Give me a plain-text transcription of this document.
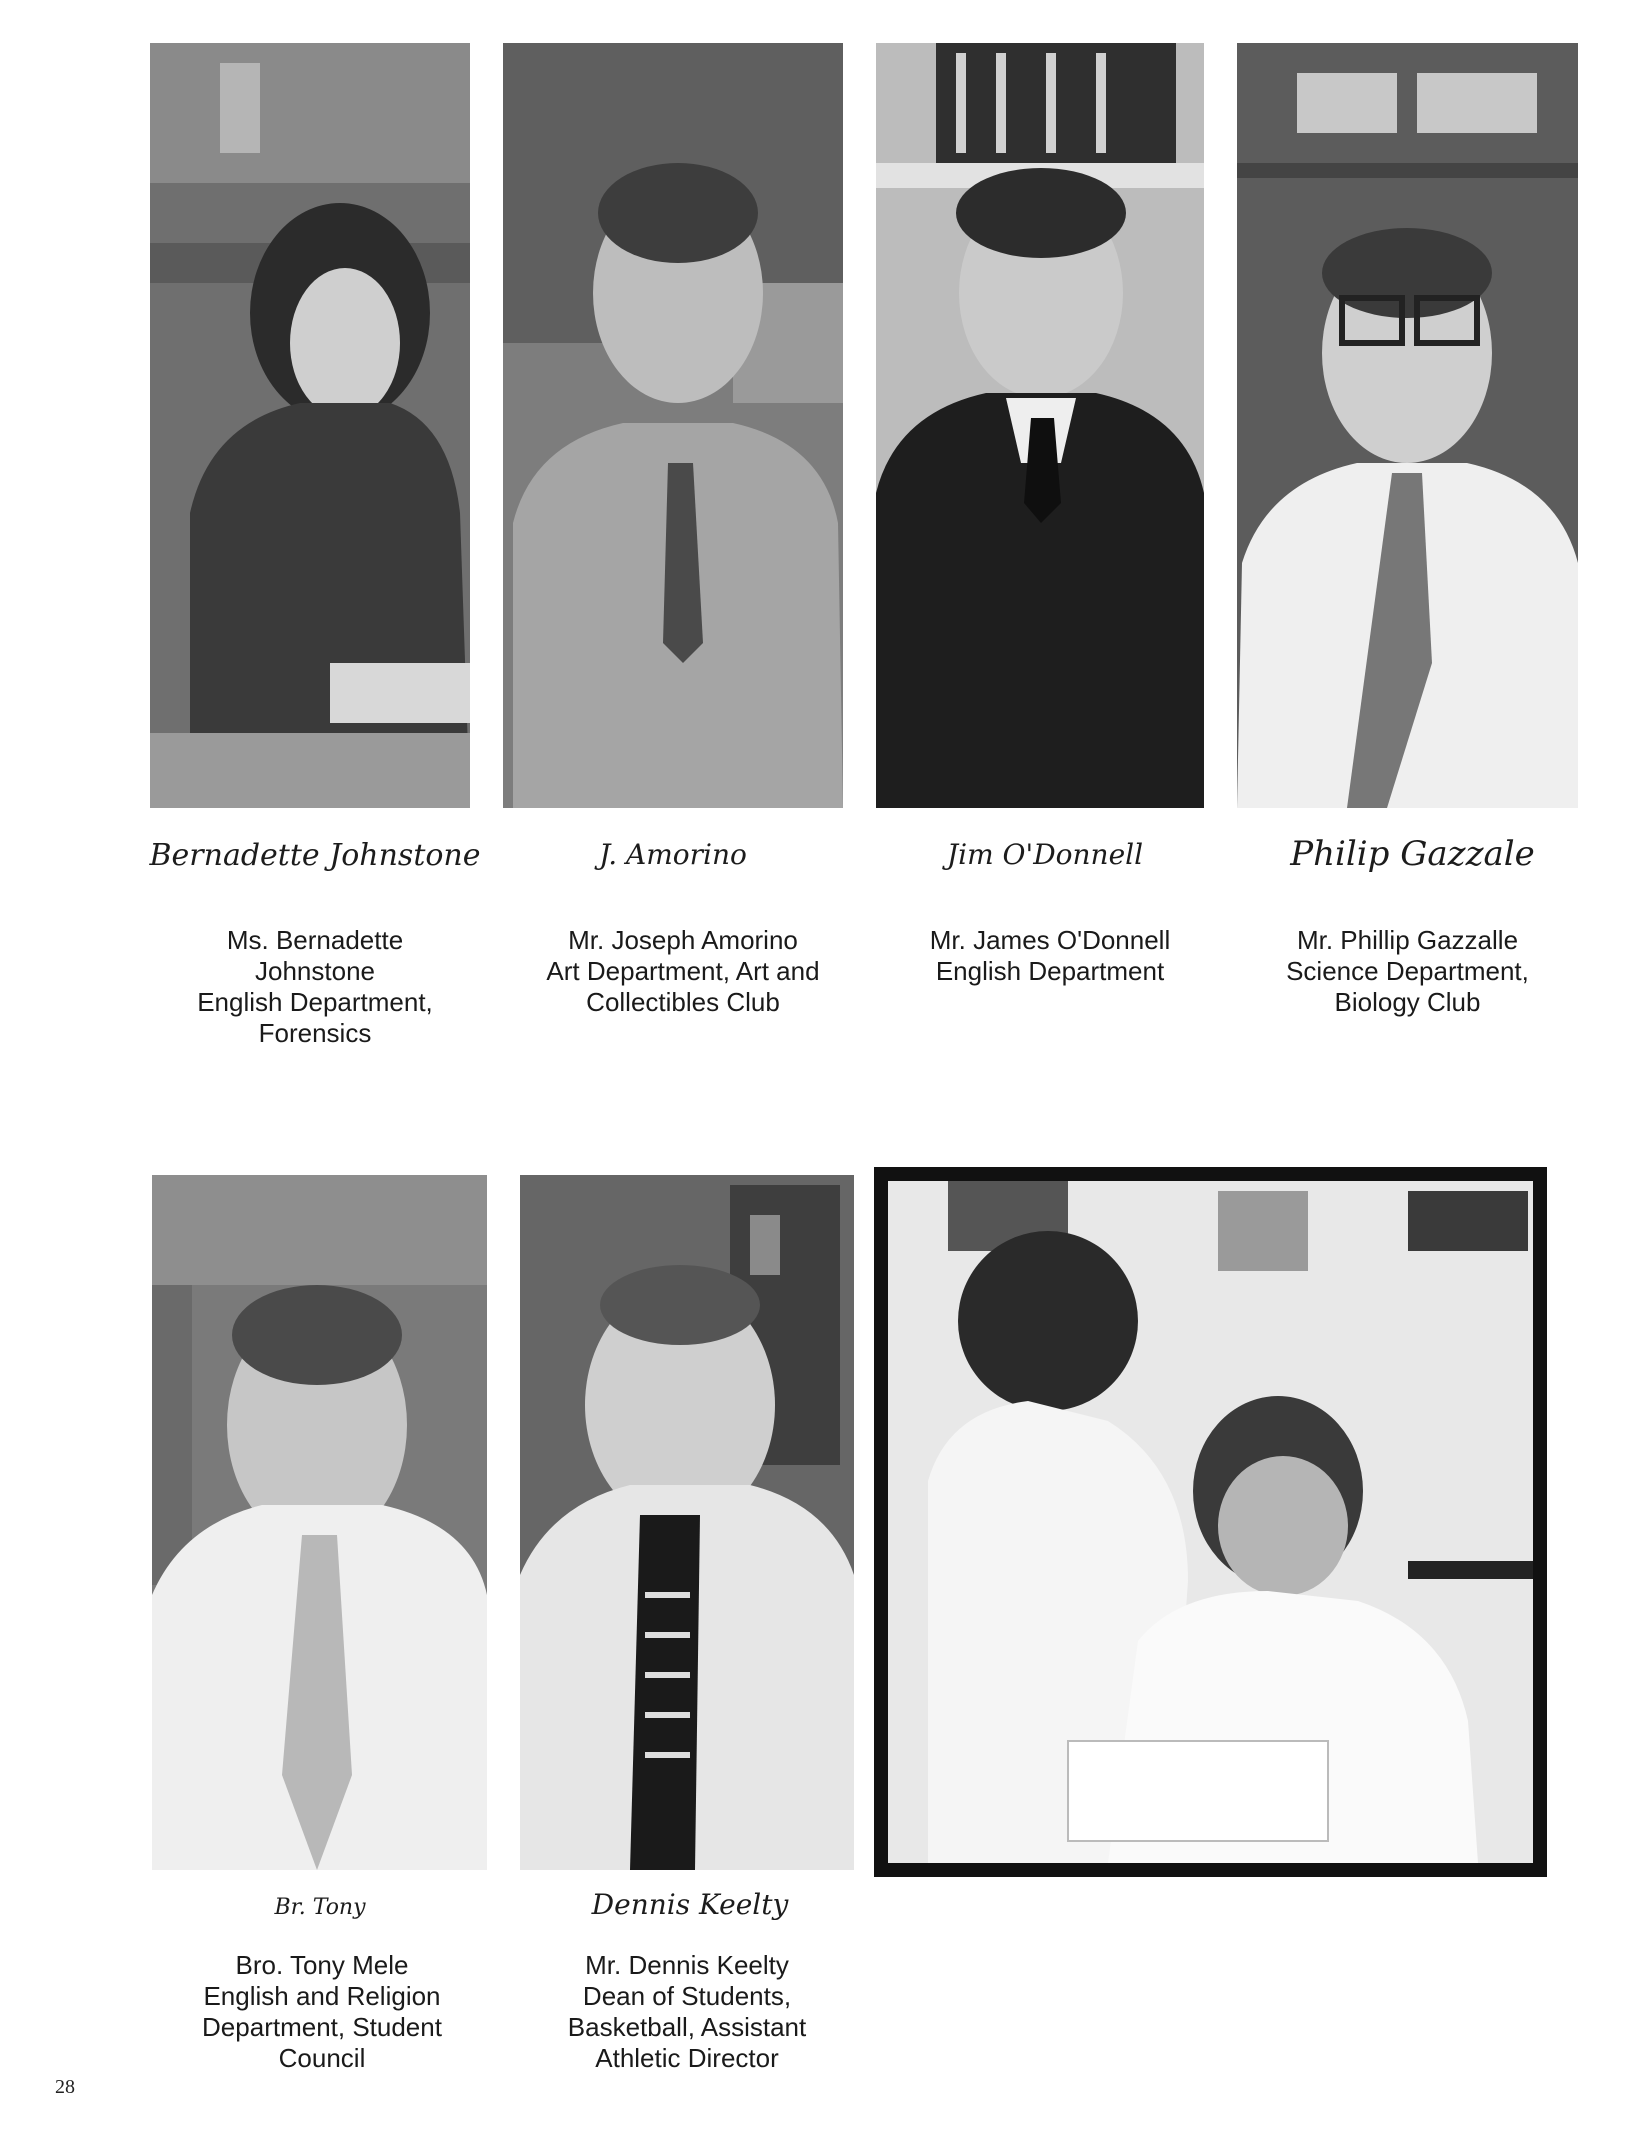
Bernadette Johnstone	J. Amorino	Jim O'Donnell	Philip Gazzale
Ms. Bernadette
Johnstone
English Department,
Forensics
Mr. Joseph Amorino
Art Department, Art and
Collectibles Club
Mr. James O'Donnell
English Department
Mr. Phillip Gazzalle
Science Department,
Biology Club
Br. Tony	Dennis Keelty
Bro. Tony Mele
English and Religion
Department, Student
Council
Mr. Dennis Keelty
Dean of Students,
Basketball, Assistant
Athletic Director
28
